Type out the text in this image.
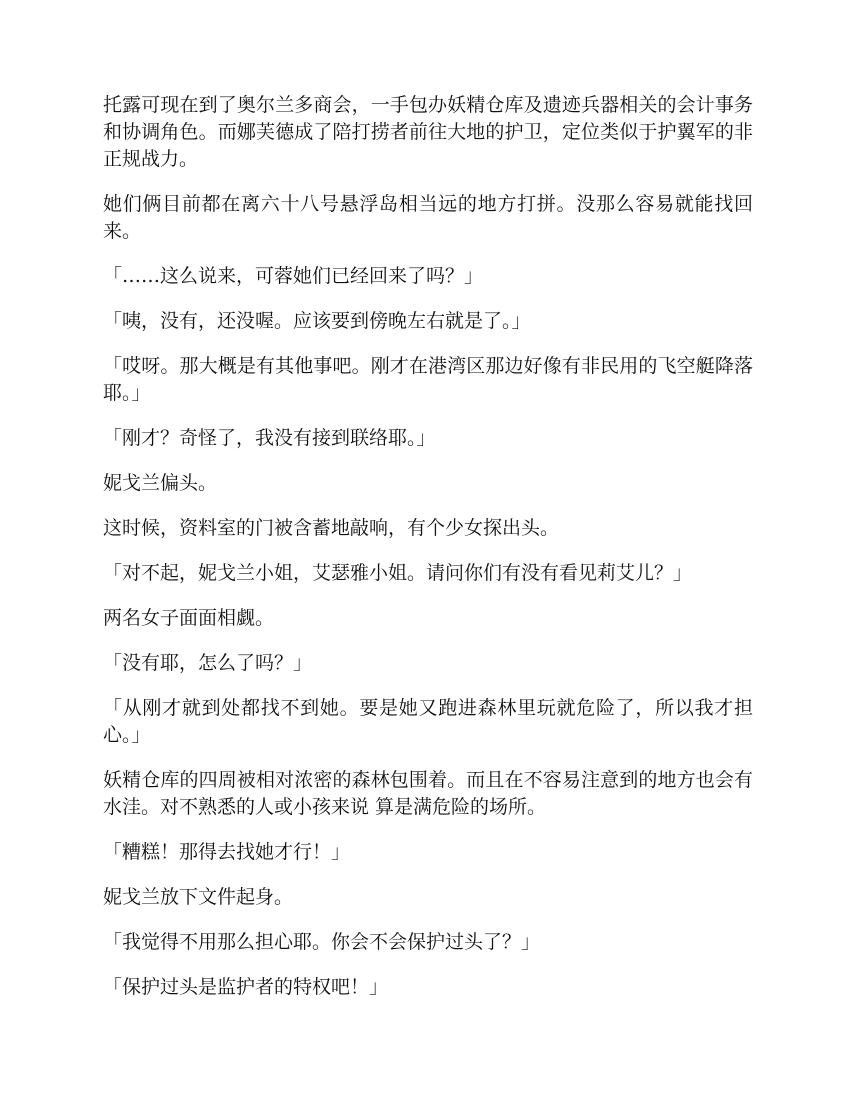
托露可现在到了奥尔兰多商会，一手包办妖精仓库及遗迹兵器相关的会计事务和协调角色。而娜芙德成了陪打捞者前往大地的护卫，定位类似于护翼军的非正规战力。

她们俩目前都在离六十八号悬浮岛相当远的地方打拼。没那么容易就能找回来。

「……这么说来，可蓉她们已经回来了吗？」

「咦，没有，还没喔。应该要到傍晚左右就是了。」

「哎呀。那大概是有其他事吧。刚才在港湾区那边好像有非民用的飞空艇降落耶。」

「刚才？奇怪了，我没有接到联络耶。」

妮戈兰偏头。

这时候，资料室的门被含蓄地敲响，有个少女探出头。

「对不起，妮戈兰小姐，艾瑟雅小姐。请问你们有没有看见莉艾儿？」

两名女子面面相觑。

「没有耶，怎么了吗？」

「从刚才就到处都找不到她。要是她又跑进森林里玩就危险了，所以我才担心。」

妖精仓库的四周被相对浓密的森林包围着。而且在不容易注意到的地方也会有水洼。对不熟悉的人或小孩来说 算是满危险的场所。

「糟糕！那得去找她才行！」

妮戈兰放下文件起身。

「我觉得不用那么担心耶。你会不会保护过头了？」

「保护过头是监护者的特权吧！」
